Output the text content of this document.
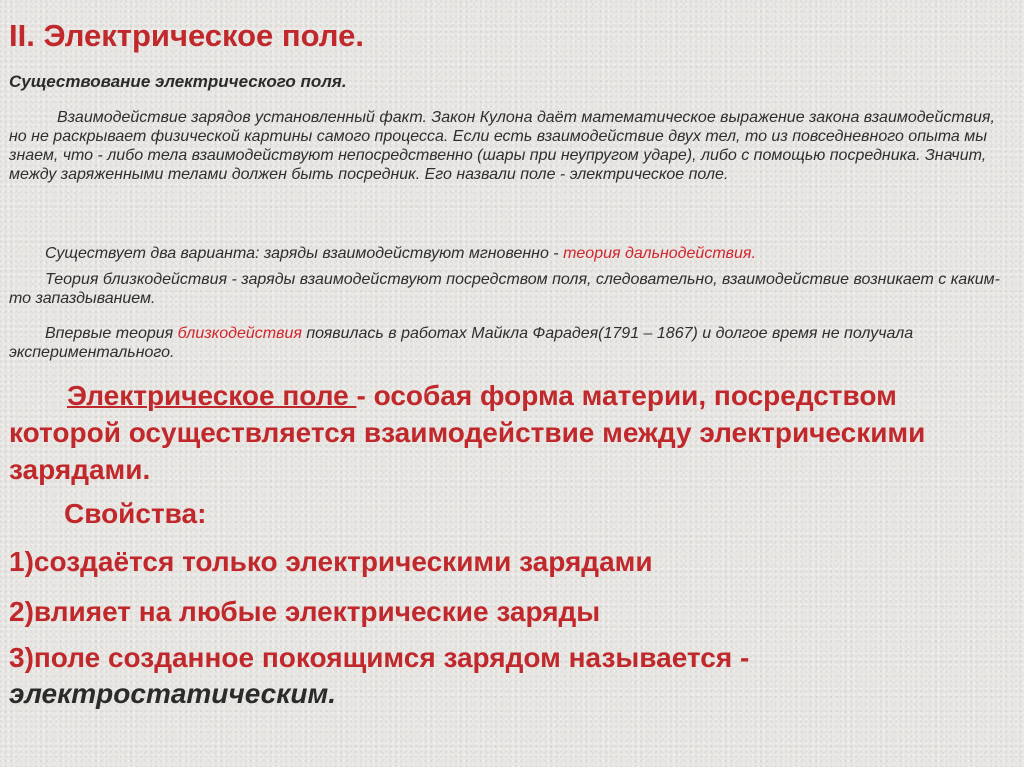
II. Электрическое поле.

Существование электрического поля.

Взаимодействие зарядов установленный факт. Закон Кулона даёт математическое выражение закона взаимодействия, но не раскрывает физической картины самого процесса. Если есть взаимодействие двух тел, то из повседневного опыта мы знаем, что - либо тела взаимодействуют непосредственно (шары при неупругом ударе), либо с помощью посредника. Значит, между заряженными телами должен быть посредник. Его назвали поле - электрическое поле.

Существует два варианта: заряды взаимодействуют мгновенно - теория дальнодействия.

Теория близкодействия - заряды взаимодействуют посредством поля, следовательно, взаимодействие возникает с каким-то запаздыванием.

Впервые теория близкодействия появилась в работах Майкла Фарадея(1791 – 1867) и долгое время не получала экспериментального.

Электрическое поле - особая форма материи, посредством которой осуществляется взаимодействие между электрическими зарядами.

Свойства:

1)создаётся только электрическими зарядами

2)влияет на любые электрические заряды

3)поле созданное покоящимся зарядом называется -
электростатическим.
